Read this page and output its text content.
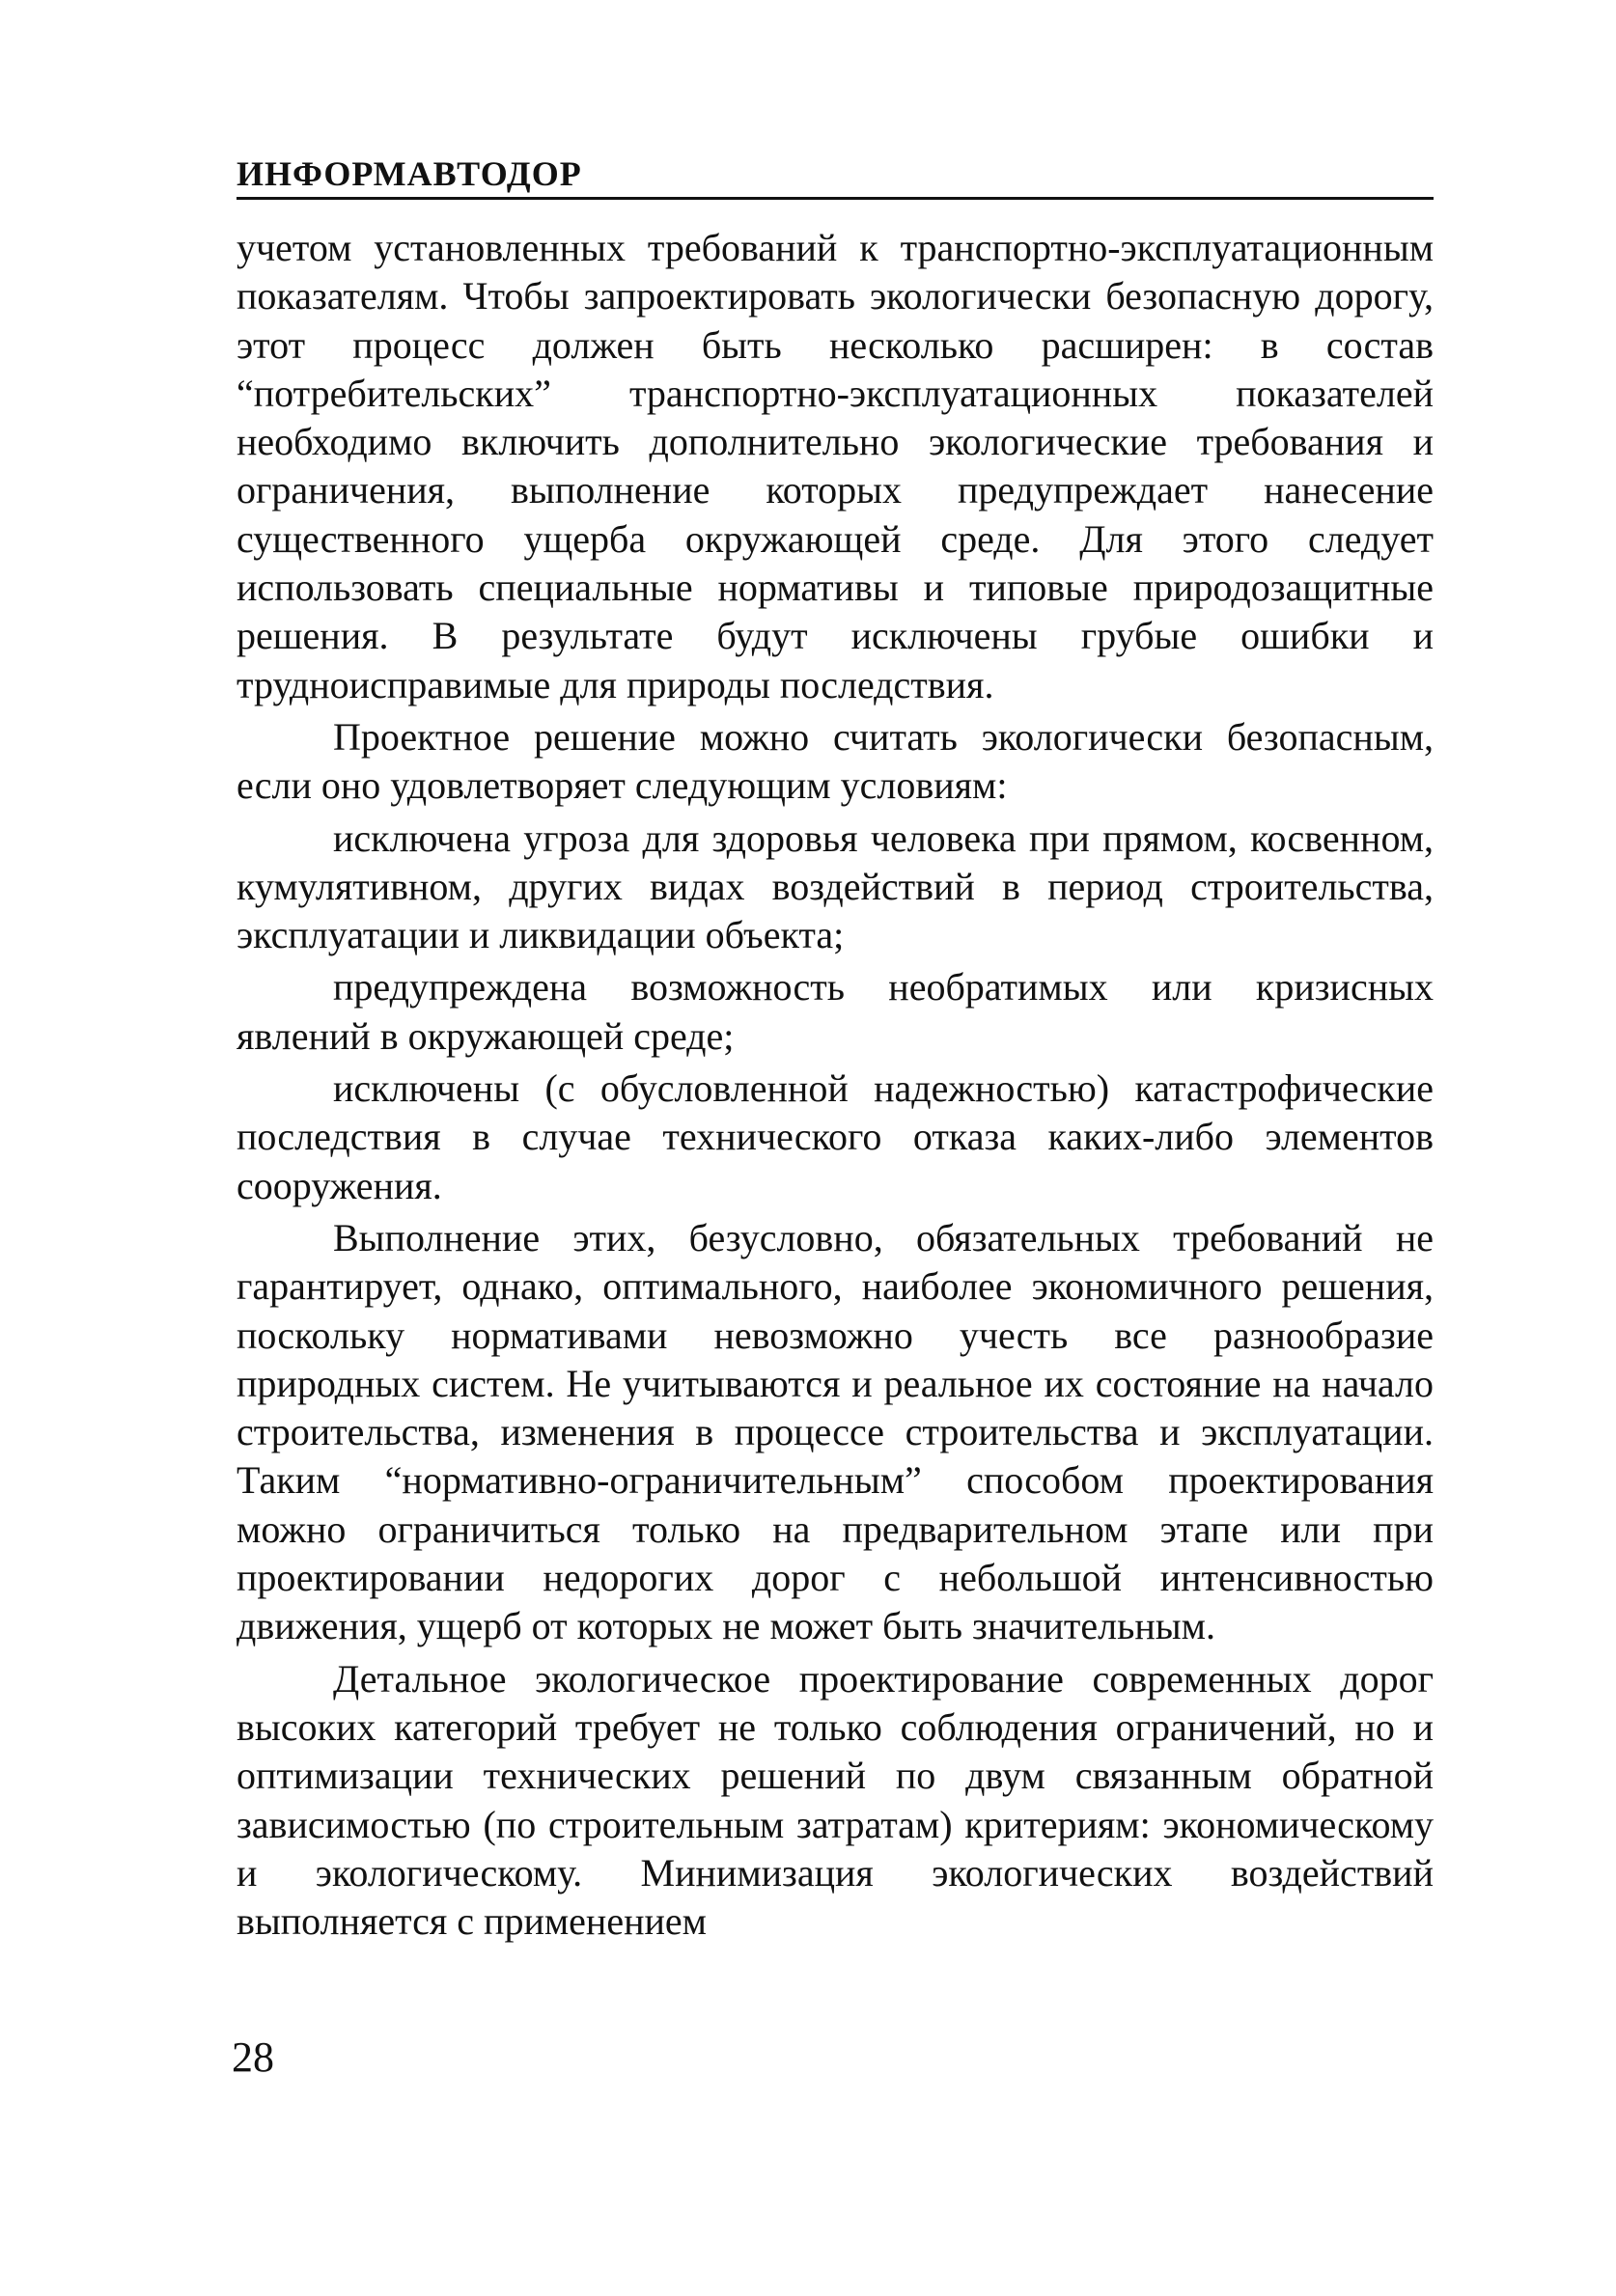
ИНФОРМАВТОДОР

учетом установленных требований к транспортно-эксплуатационным показателям. Чтобы запроектировать экологически безопасную дорогу, этот процесс должен быть несколько расширен: в состав “потребительских” транспортно-эксплуатационных показателей необходимо включить дополнительно экологические требования и ограничения, выполнение которых предупреждает нанесение существенного ущерба окружающей среде. Для этого следует использовать специальные нормативы и типовые природозащитные решения. В результате будут исключены грубые ошибки и трудноисправимые для природы последствия.

Проектное решение можно считать экологически безопасным, если оно удовлетворяет следующим условиям:

исключена угроза для здоровья человека при прямом, косвенном, кумулятивном, других видах воздействий в период строительства, эксплуатации и ликвидации объекта;

предупреждена возможность необратимых или кризисных явлений в окружающей среде;

исключены (с обусловленной надежностью) катастрофические последствия в случае технического отказа каких-либо элементов сооружения.

Выполнение этих, безусловно, обязательных требований не гарантирует, однако, оптимального, наиболее экономичного решения, поскольку нормативами невозможно учесть все разнообразие природных систем. Не учитываются и реальное их состояние на начало строительства, изменения в процессе строительства и эксплуатации. Таким “нормативно-ограничительным” способом проектирования можно ограничиться только на предварительном этапе или при проектировании недорогих дорог с небольшой интенсивностью движения, ущерб от которых не может быть значительным.

Детальное экологическое проектирование современных дорог высоких категорий требует не только соблюдения ограничений, но и оптимизации технических решений по двум связанным обратной зависимостью (по строительным затратам) критериям: экономическому и экологическому. Минимизация экологических воздействий выполняется с применением

28
